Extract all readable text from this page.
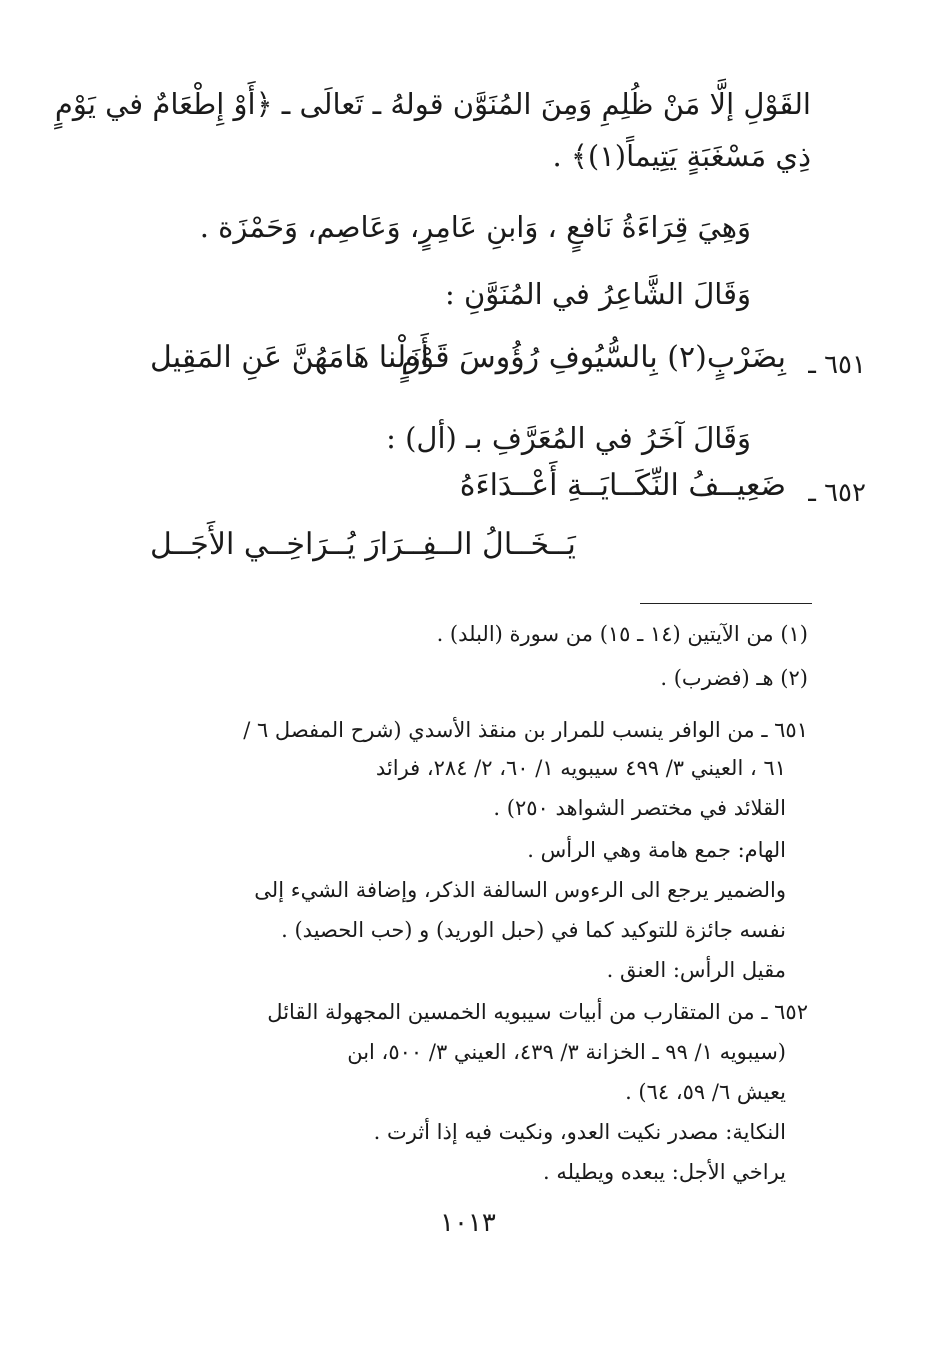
القَوْلِ إلَّا مَنْ ظُلِمِ وَمِنَ المُنَوَّن قولهُ ـ تَعالَى ـ ﴿أَوْ إِطْعَامٌ في يَوْمٍ
ذِي مَسْغَبَةٍ يَتِيماً(١)﴾ .
وَهِيَ قِرَاءَةُ نَافعٍ ، وَابنِ عَامِرٍ، وَعَاصِم، وَحَمْزَة .
وَقَالَ الشَّاعِرُ في المُنَوَّنِ :
٦٥١ ـ
بِضَرْبٍ(٢) بِالسُّيُوفِ رُؤُوسَ قَوْمٍ
أَزَلْنا هَامَهُنَّ عَنِ المَقِيل
وَقَالَ آخَرُ في المُعَرَّفِ بـ (أل) :
٦٥٢ ـ
ضَعِيــفُ النِّكَــايَــةِ أَعْــدَاءَهُ
يَــخَــالُ الــفِــرَارَ يُــرَاخِــي الأَجَــل
(١) من الآيتين (١٤ ـ ١٥) من سورة (البلد) .
(٢) هـ (فضرب) .
٦٥١ ـ من الوافر ينسب للمرار بن منقذ الأسدي (شرح المفصل ٦ /
٦١ ، العيني ٣/ ٤٩٩ سيبويه ١/ ٦٠، ٢/ ٢٨٤، فرائد
القلائد في مختصر الشواهد ٢٥٠) .
الهام: جمع هامة وهي الرأس .
والضمير يرجع الى الرءوس السالفة الذكر، وإضافة الشيء إلى
نفسه جائزة للتوكيد كما في (حبل الوريد) و (حب الحصيد) .
مقيل الرأس: العنق .
٦٥٢ ـ من المتقارب من أبيات سيبويه الخمسين المجهولة القائل
(سيبويه ١/ ٩٩ ـ الخزانة ٣/ ٤٣٩، العيني ٣/ ٥٠٠، ابن
يعيش ٦/ ٥٩، ٦٤) .
النكاية: مصدر نكيت العدو، ونكيت فيه إذا أثرت .
يراخي الأجل: يبعده ويطيله .
١٠١٣
